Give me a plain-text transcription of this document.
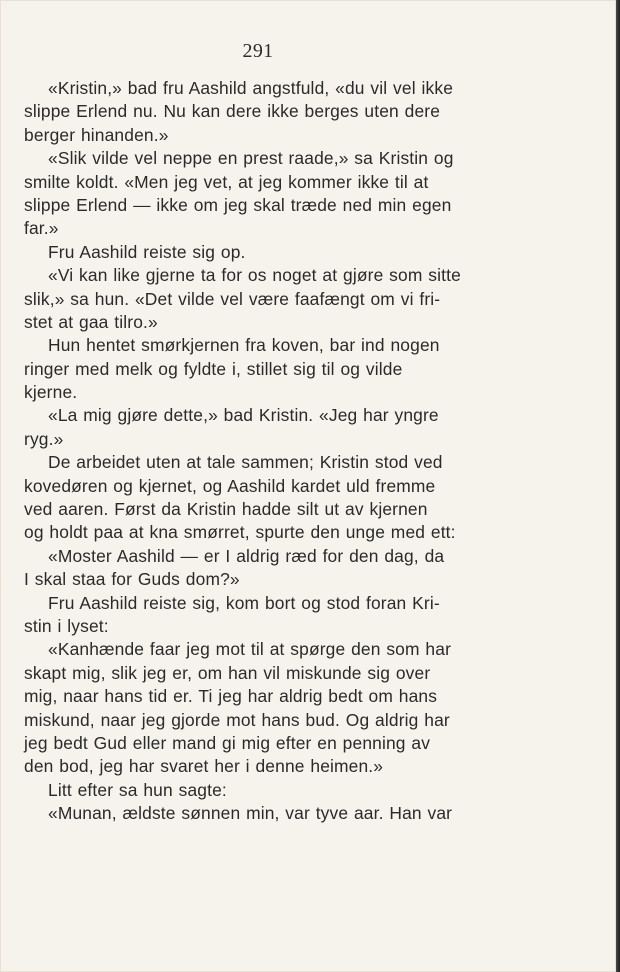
291
«Kristin,» bad fru Aashild angstfuld, «du vil vel ikke
slippe Erlend nu. Nu kan dere ikke berges uten dere
berger hinanden.»
«Slik vilde vel neppe en prest raade,» sa Kristin og
smilte koldt. «Men jeg vet, at jeg kommer ikke til at
slippe Erlend — ikke om jeg skal træde ned min egen
far.»
Fru Aashild reiste sig op.
«Vi kan like gjerne ta for os noget at gjøre som sitte
slik,» sa hun. «Det vilde vel være faafængt om vi fri-
stet at gaa tilro.»
Hun hentet smørkjernen fra koven, bar ind nogen
ringer med melk og fyldte i, stillet sig til og vilde
kjerne.
«La mig gjøre dette,» bad Kristin. «Jeg har yngre
ryg.»
De arbeidet uten at tale sammen; Kristin stod ved
kovedøren og kjernet, og Aashild kardet uld fremme
ved aaren. Først da Kristin hadde silt ut av kjernen
og holdt paa at kna smørret, spurte den unge med ett:
«Moster Aashild — er I aldrig ræd for den dag, da
I skal staa for Guds dom?»
Fru Aashild reiste sig, kom bort og stod foran Kri-
stin i lyset:
«Kanhænde faar jeg mot til at spørge den som har
skapt mig, slik jeg er, om han vil miskunde sig over
mig, naar hans tid er. Ti jeg har aldrig bedt om hans
miskund, naar jeg gjorde mot hans bud. Og aldrig har
jeg bedt Gud eller mand gi mig efter en penning av
den bod, jeg har svaret her i denne heimen.»
Litt efter sa hun sagte:
«Munan, ældste sønnen min, var tyve aar. Han var
